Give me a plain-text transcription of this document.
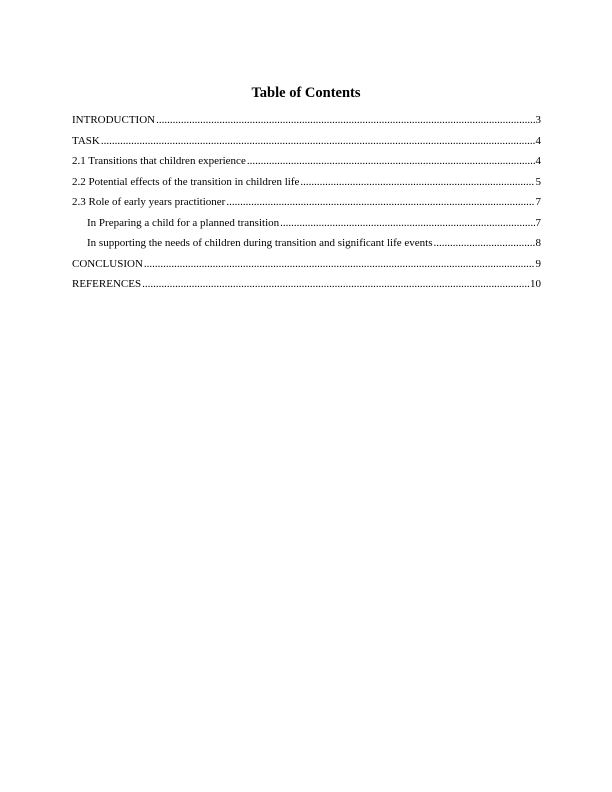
Table of Contents
INTRODUCTION .....	3
TASK .....	4
2.1 Transitions that children experience .....	4
2.2 Potential effects of the transition in children life .....	5
2.3 Role of early years practitioner .....	7
In Preparing a child for a planned transition .....	7
In supporting the needs of children during transition and significant life events .....	8
CONCLUSION .....	9
REFERENCES .....	10
